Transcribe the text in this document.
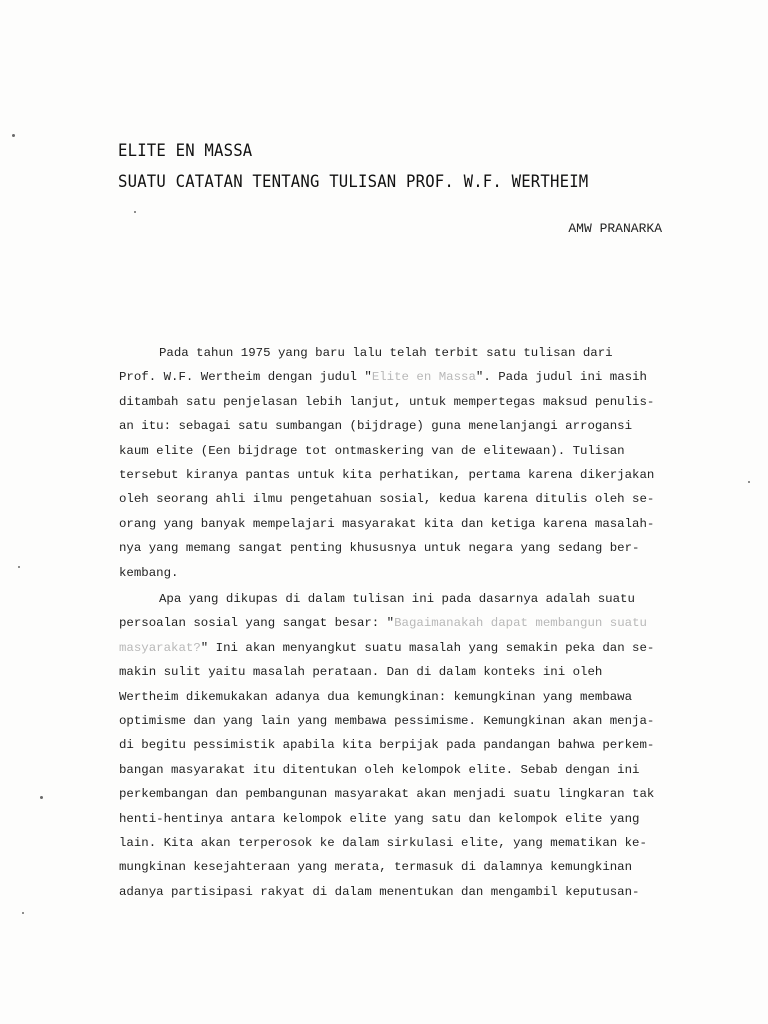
ELITE EN MASSA
SUATU CATATAN TENTANG TULISAN PROF. W.F. WERTHEIM
AMW PRANARKA
Pada tahun 1975 yang baru lalu telah terbit satu tulisan dari
Prof. W.F. Wertheim dengan judul "Elite en Massa". Pada judul ini masih
ditambah satu penjelasan lebih lanjut, untuk mempertegas maksud penulis-
an itu: sebagai satu sumbangan (bijdrage) guna menelanjangi arrogansi
kaum elite (Een bijdrage tot ontmaskering van de elitewaan). Tulisan
tersebut kiranya pantas untuk kita perhatikan, pertama karena dikerjakan
oleh seorang ahli ilmu pengetahuan sosial, kedua karena ditulis oleh se-
orang yang banyak mempelajari masyarakat kita dan ketiga karena masalah-
nya yang memang sangat penting khususnya untuk negara yang sedang ber-
kembang.
Apa yang dikupas di dalam tulisan ini pada dasarnya adalah suatu
persoalan sosial yang sangat besar: "Bagaimanakah dapat membangun suatu
masyarakat?" Ini akan menyangkut suatu masalah yang semakin peka dan se-
makin sulit yaitu masalah perataan. Dan di dalam konteks ini oleh
Wertheim dikemukakan adanya dua kemungkinan: kemungkinan yang membawa
optimisme dan yang lain yang membawa pessimisme. Kemungkinan akan menja-
di begitu pessimistik apabila kita berpijak pada pandangan bahwa perkem-
bangan masyarakat itu ditentukan oleh kelompok elite. Sebab dengan ini
perkembangan dan pembangunan masyarakat akan menjadi suatu lingkaran tak
henti-hentinya antara kelompok elite yang satu dan kelompok elite yang
lain. Kita akan terperosok ke dalam sirkulasi elite, yang mematikan ke-
mungkinan kesejahteraan yang merata, termasuk di dalamnya kemungkinan
adanya partisipasi rakyat di dalam menentukan dan mengambil keputusan-
